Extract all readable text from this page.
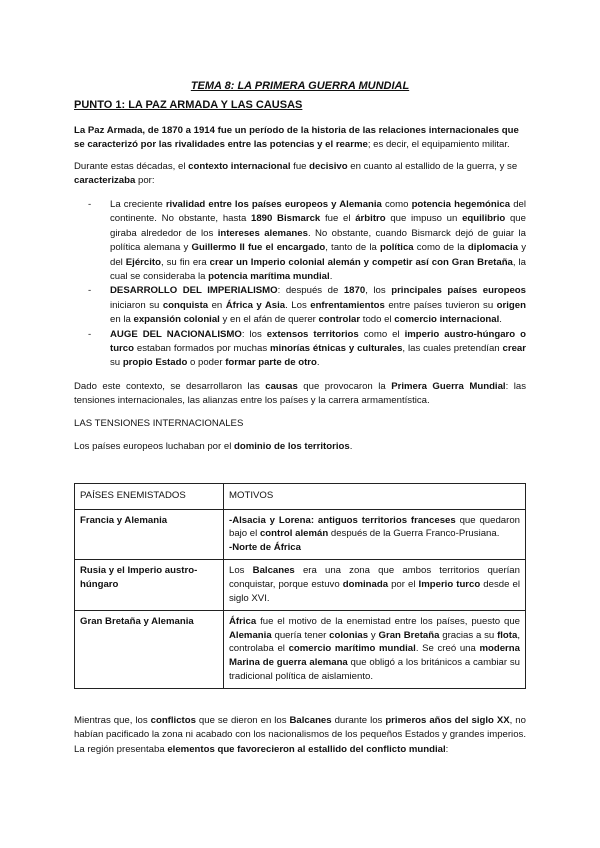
TEMA 8: LA PRIMERA GUERRA MUNDIAL
PUNTO 1: LA PAZ ARMADA Y LAS CAUSAS

La Paz Armada, de 1870 a 1914 fue un período de la historia de las relaciones internacionales que se caracterizó por las rivalidades entre las potencias y el rearme; es decir, el equipamiento militar.

Durante estas décadas, el contexto internacional fue decisivo en cuanto al estallido de la guerra, y se caracterizaba por:

- La creciente rivalidad entre los países europeos y Alemania como potencia hegemónica del continente. No obstante, hasta 1890 Bismarck fue el árbitro que impuso un equilibrio que giraba alrededor de los intereses alemanes. No obstante, cuando Bismarck dejó de guiar la política alemana y Guillermo II fue el encargado, tanto de la política como de la diplomacia y del Ejército, su fin era crear un Imperio colonial alemán y competir así con Gran Bretaña, la cual se consideraba la potencia marítima mundial.
- DESARROLLO DEL IMPERIALISMO: después de 1870, los principales países europeos iniciaron su conquista en África y Asia. Los enfrentamientos entre países tuvieron su origen en la expansión colonial y en el afán de querer controlar todo el comercio internacional.
- AUGE DEL NACIONALISMO: los extensos territorios como el imperio austro-húngaro o turco estaban formados por muchas minorías étnicas y culturales, las cuales pretendían crear su propio Estado o poder formar parte de otro.

Dado este contexto, se desarrollaron las causas que provocaron la Primera Guerra Mundial: las tensiones internacionales, las alianzas entre los países y la carrera armamentística.

LAS TENSIONES INTERNACIONALES

Los países europeos luchaban por el dominio de los territorios.

PAÍSES ENEMISTADOS	MOTIVOS
Francia y Alemania	-Alsacia y Lorena: antiguos territorios franceses que quedaron bajo el control alemán después de la Guerra Franco-Prusiana.
-Norte de África
Rusia y el Imperio austro-húngaro	Los Balcanes era una zona que ambos territorios querían conquistar, porque estuvo dominada por el Imperio turco desde el siglo XVI.
Gran Bretaña y Alemania	África fue el motivo de la enemistad entre los países, puesto que Alemania quería tener colonias y Gran Bretaña gracias a su flota, controlaba el comercio marítimo mundial. Se creó una moderna Marina de guerra alemana que obligó a los británicos a cambiar su tradicional política de aislamiento.

Mientras que, los conflictos que se dieron en los Balcanes durante los primeros años del siglo XX, no habían pacificado la zona ni acabado con los nacionalismos de los pequeños Estados y grandes imperios. La región presentaba elementos que favorecieron al estallido del conflicto mundial:
